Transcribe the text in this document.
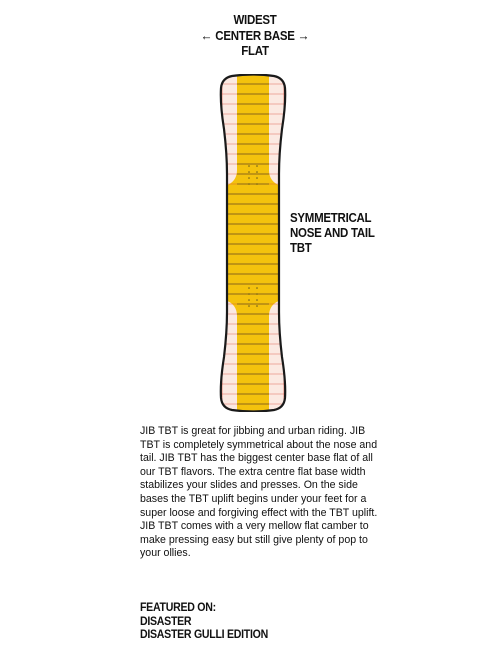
WIDEST
← CENTER BASE →
FLAT
SYMMETRICAL
NOSE AND TAIL
TBT

JIB TBT is great for jibbing and urban riding. JIB TBT is completely symmetrical about the nose and tail. JIB TBT has the biggest center base flat of all our TBT flavors. The extra centre flat base width stabilizes your slides and presses. On the side bases the TBT uplift begins under your feet for a super loose and forgiving effect with the TBT uplift. JIB TBT comes with a very mellow flat camber to make pressing easy but still give plenty of pop to your ollies.

FEATURED ON:
DISASTER
DISASTER GULLI EDITION
